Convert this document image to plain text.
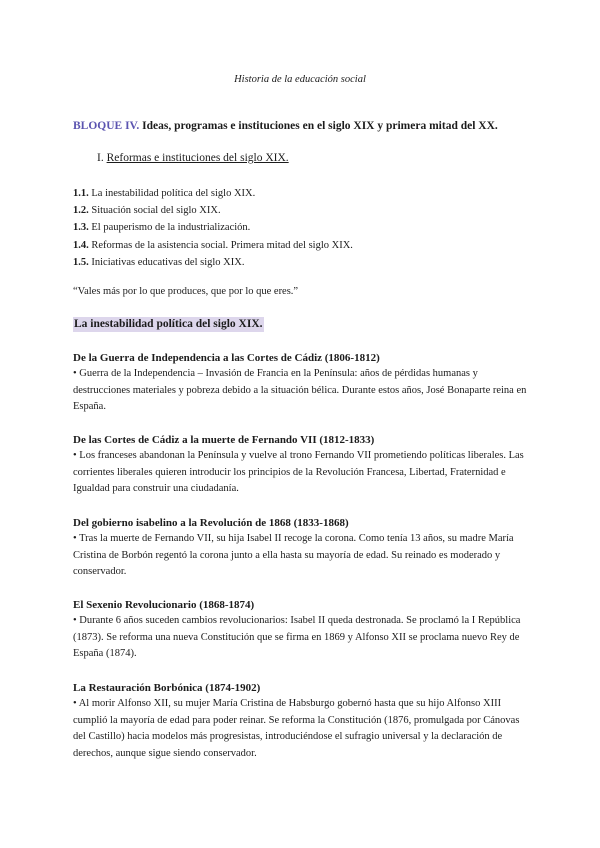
Historia de la educación social
BLOQUE IV. Ideas, programas e instituciones en el siglo XIX y primera mitad del XX.
I. Reformas e instituciones del siglo XIX.
1.1. La inestabilidad política del siglo XIX.
1.2. Situación social del siglo XIX.
1.3. El pauperismo de la industrialización.
1.4. Reformas de la asistencia social. Primera mitad del siglo XIX.
1.5. Iniciativas educativas del siglo XIX.
“Vales más por lo que produces, que por lo que eres.”
La inestabilidad política del siglo XIX.
De la Guerra de Independencia a las Cortes de Cádiz (1806-1812)

• Guerra de la Independencia – Invasión de Francia en la Península: años de pérdidas humanas y destrucciones materiales y pobreza debido a la situación bélica. Durante estos años, José Bonaparte reina en España.

De las Cortes de Cádiz a la muerte de Fernando VII (1812-1833)

• Los franceses abandonan la Península y vuelve al trono Fernando VII prometiendo políticas liberales. Las corrientes liberales quieren introducir los principios de la Revolución Francesa, Libertad, Fraternidad e Igualdad para construir una ciudadanía.

Del gobierno isabelino a la Revolución de 1868 (1833-1868)

• Tras la muerte de Fernando VII, su hija Isabel II recoge la corona. Como tenía 13 años, su madre María Cristina de Borbón regentó la corona junto a ella hasta su mayoría de edad. Su reinado es moderado y conservador.

El Sexenio Revolucionario (1868-1874)

• Durante 6 años suceden cambios revolucionarios: Isabel II queda destronada. Se proclamó la I República (1873). Se reforma una nueva Constitución que se firma en 1869 y Alfonso XII se proclama nuevo Rey de España (1874).

La Restauración Borbónica (1874-1902)

• Al morir Alfonso XII, su mujer María Cristina de Habsburgo gobernó hasta que su hijo Alfonso XIII cumplió la mayoría de edad para poder reinar. Se reforma la Constitución (1876, promulgada por Cánovas del Castillo) hacia modelos más progresistas, introduciéndose el sufragio universal y la declaración de derechos, aunque sigue siendo conservador.
